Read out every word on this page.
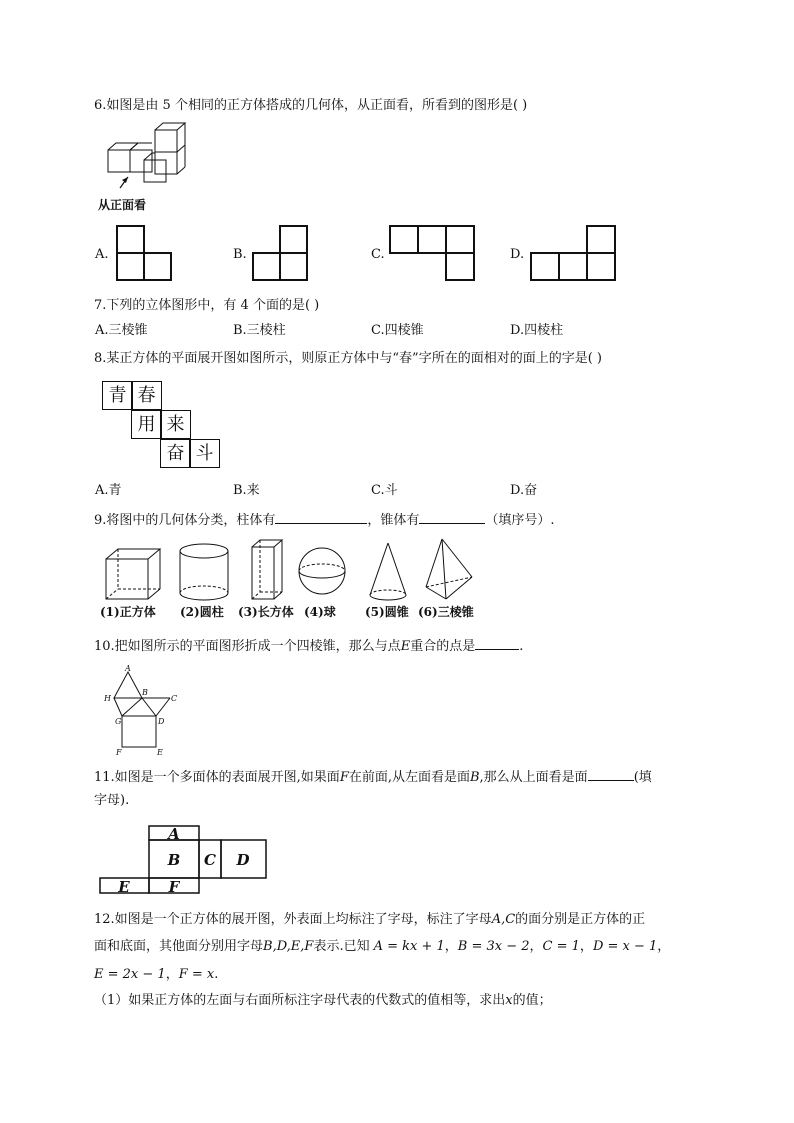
6.如图是由 5 个相同的正方体搭成的几何体，从正面看，所看到的图形是( )
从正面看
A.	B.	C.	D.
7.下列的立体图形中，有 4 个面的是( )
A.三棱锥	B.三棱柱	C.四棱锥	D.四棱柱
8.某正方体的平面展开图如图所示，则原正方体中与“春”字所在的面相对的面上的字是( )
青 春
用 来
奋 斗
A.青	B.来	C.斗	D.奋
9.将图中的几何体分类，柱体有	，锥体有	（填序号）.
(1)正方体 (2)圆柱 (3)长方体 (4)球 (5)圆锥 (6)三棱锥
10.把如图所示的平面图形折成一个四棱锥，那么与点E重合的点是	.
A
H
B
C
G	D
F	E
11.如图是一个多面体的表面展开图,如果面F在前面,从左面看是面B,那么从上面看是面	(填
字母).
A
B C D
E	F
12.如图是一个正方体的展开图，外表面上均标注了字母，标注了字母A,C的面分别是正方体的正
面和底面，其他面分别用字母B,D,E,F表示.已知 A = kx + 1，B = 3x − 2，C = 1，D = x − 1，
E = 2x − 1，F = x.
（1）如果正方体的左面与右面所标注字母代表的代数式的值相等，求出x的值；
